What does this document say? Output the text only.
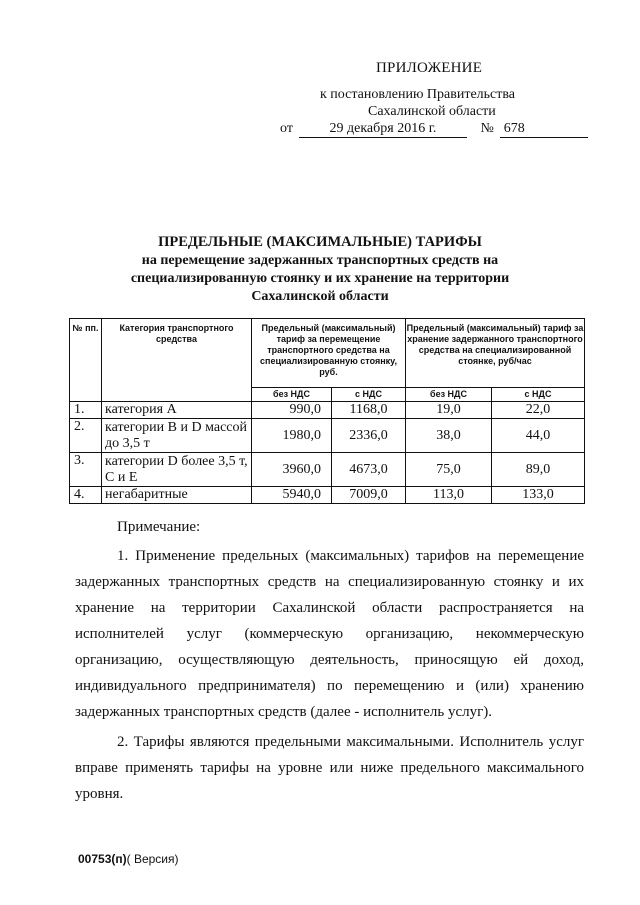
ПРИЛОЖЕНИЕ
к постановлению Правительства
Сахалинской области
от	29 декабря 2016 г.	№ 678
ПРЕДЕЛЬНЫЕ (МАКСИМАЛЬНЫЕ) ТАРИФЫ
на перемещение задержанных транспортных средств на
специализированную стоянку и их хранение на территории
Сахалинской области
№ пп.	Категория транспортного средства	Предельный (максимальный) тариф за перемещение транспортного средства на специализированную стоянку, руб.		Предельный (максимальный) тариф за хранение задержанного транспортного средства на специализированной стоянке, руб/час	
		без НДС	с НДС	без НДС	с НДС
1.	категория А	990,0	1168,0	19,0	22,0
2.	категории В и D массой до 3,5 т	1980,0	2336,0	38,0	44,0
3.	категории D более 3,5 т, С и Е	3960,0	4673,0	75,0	89,0
4.	негабаритные	5940,0	7009,0	113,0	133,0
Примечание:
1. Применение предельных (максимальных) тарифов на перемещение задержанных транспортных средств на специализированную стоянку и их хранение на территории Сахалинской области распространяется на исполнителей услуг (коммерческую организацию, некоммерческую организацию, осуществляющую деятельность, приносящую ей доход, индивидуального предпринимателя) по перемещению и (или) хранению задержанных транспортных средств (далее - исполнитель услуг).
2. Тарифы являются предельными максимальными. Исполнитель услуг вправе применять тарифы на уровне или ниже предельного максимального уровня.
00753(п)( Версия)
